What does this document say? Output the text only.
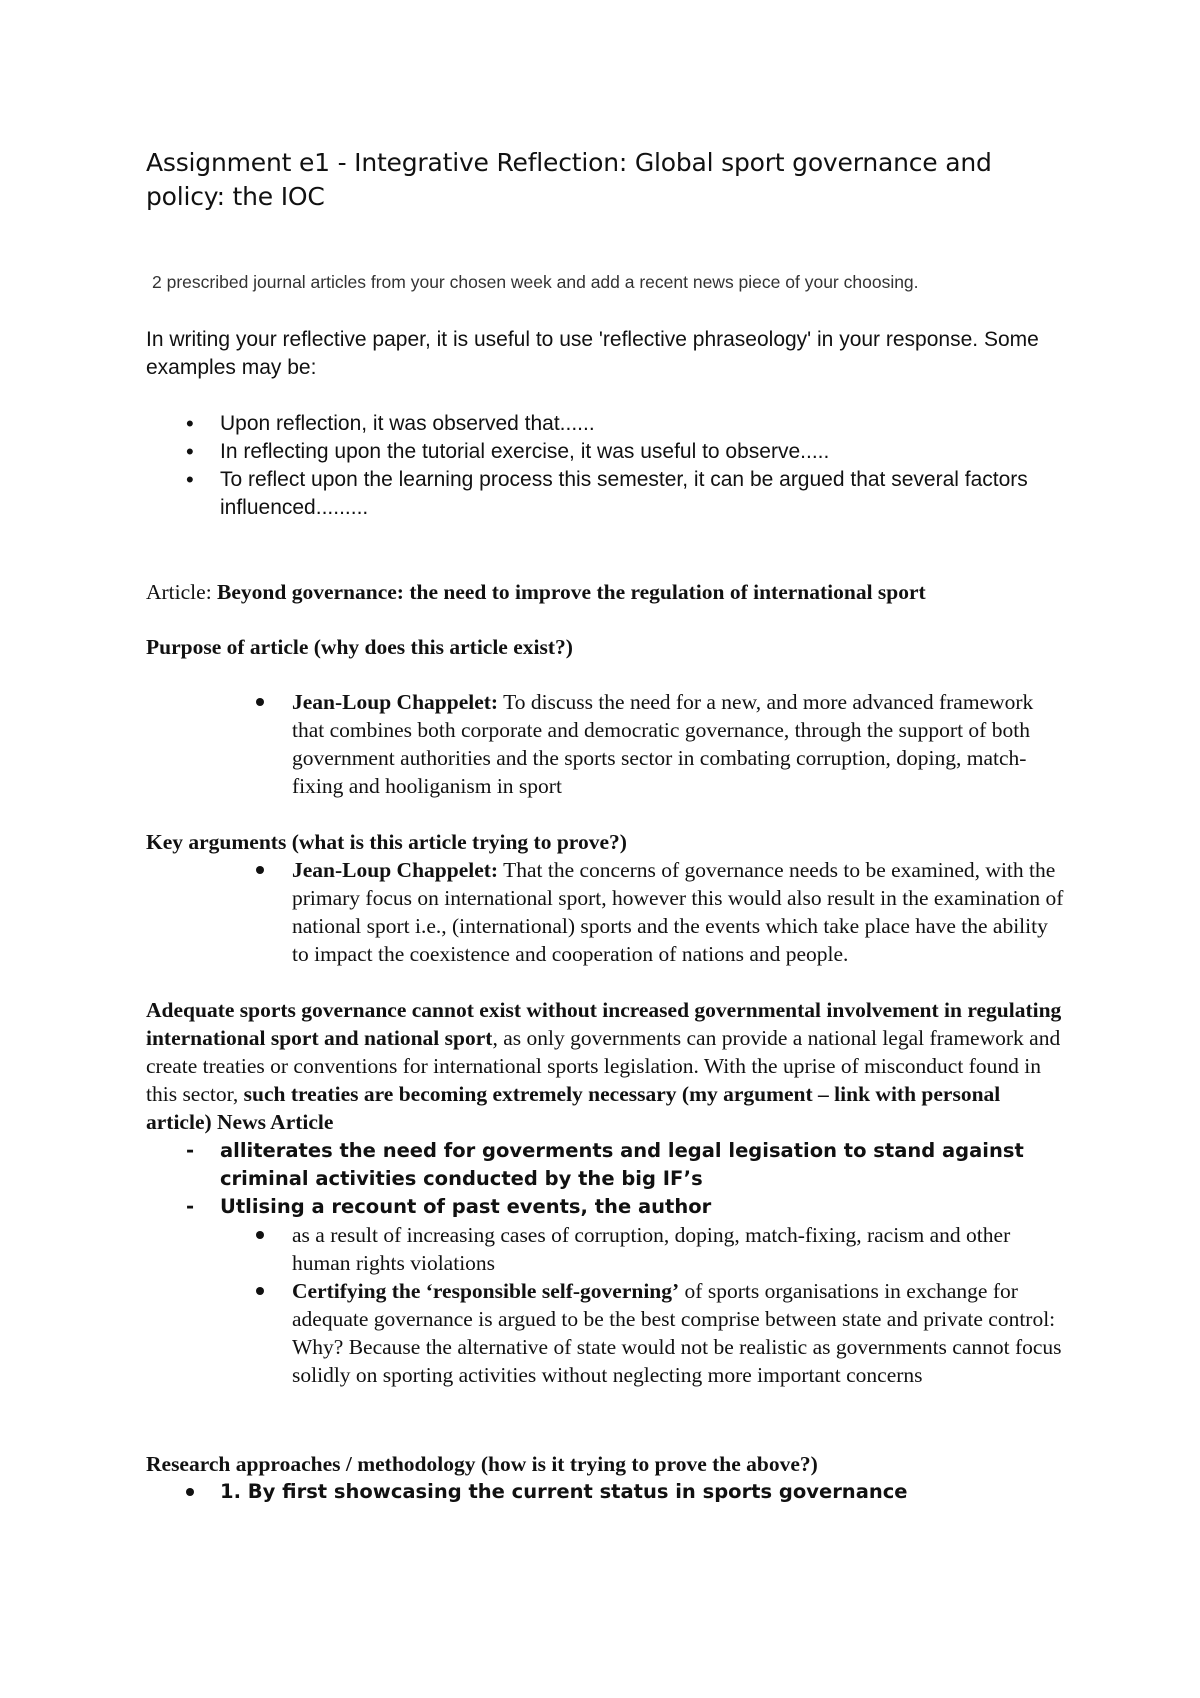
Assignment e1 - Integrative Reflection: Global sport governance and policy: the IOC
2 prescribed journal articles from your chosen week and add a recent news piece of your choosing.
In writing your reflective paper, it is useful to use 'reflective phraseology' in your response. Some examples may be:
• Upon reflection, it was observed that......
• In reflecting upon the tutorial exercise, it was useful to observe.....
• To reflect upon the learning process this semester, it can be argued that several factors influenced.........
Article: Beyond governance: the need to improve the regulation of international sport
Purpose of article (why does this article exist?)
Jean-Loup Chappelet: To discuss the need for a new, and more advanced framework that combines both corporate and democratic governance, through the support of both government authorities and the sports sector in combating corruption, doping, match-fixing and hooliganism in sport
Key arguments (what is this article trying to prove?)
Jean-Loup Chappelet: That the concerns of governance needs to be examined, with the primary focus on international sport, however this would also result in the examination of national sport i.e., (international) sports and the events which take place have the ability to impact the coexistence and cooperation of nations and people.
Adequate sports governance cannot exist without increased governmental involvement in regulating international sport and national sport, as only governments can provide a national legal framework and create treaties or conventions for international sports legislation. With the uprise of misconduct found in this sector, such treaties are becoming extremely necessary (my argument – link with personal article) News Article
- alliterates the need for goverments and legal legisation to stand against criminal activities conducted by the big IF’s
- Utlising a recount of past events, the author
as a result of increasing cases of corruption, doping, match-fixing, racism and other human rights violations
Certifying the ‘responsible self-governing’ of sports organisations in exchange for adequate governance is argued to be the best comprise between state and private control: Why? Because the alternative of state would not be realistic as governments cannot focus solidly on sporting activities without neglecting more important concerns
Research approaches / methodology (how is it trying to prove the above?)
1. By first showcasing the current status in sports governance
